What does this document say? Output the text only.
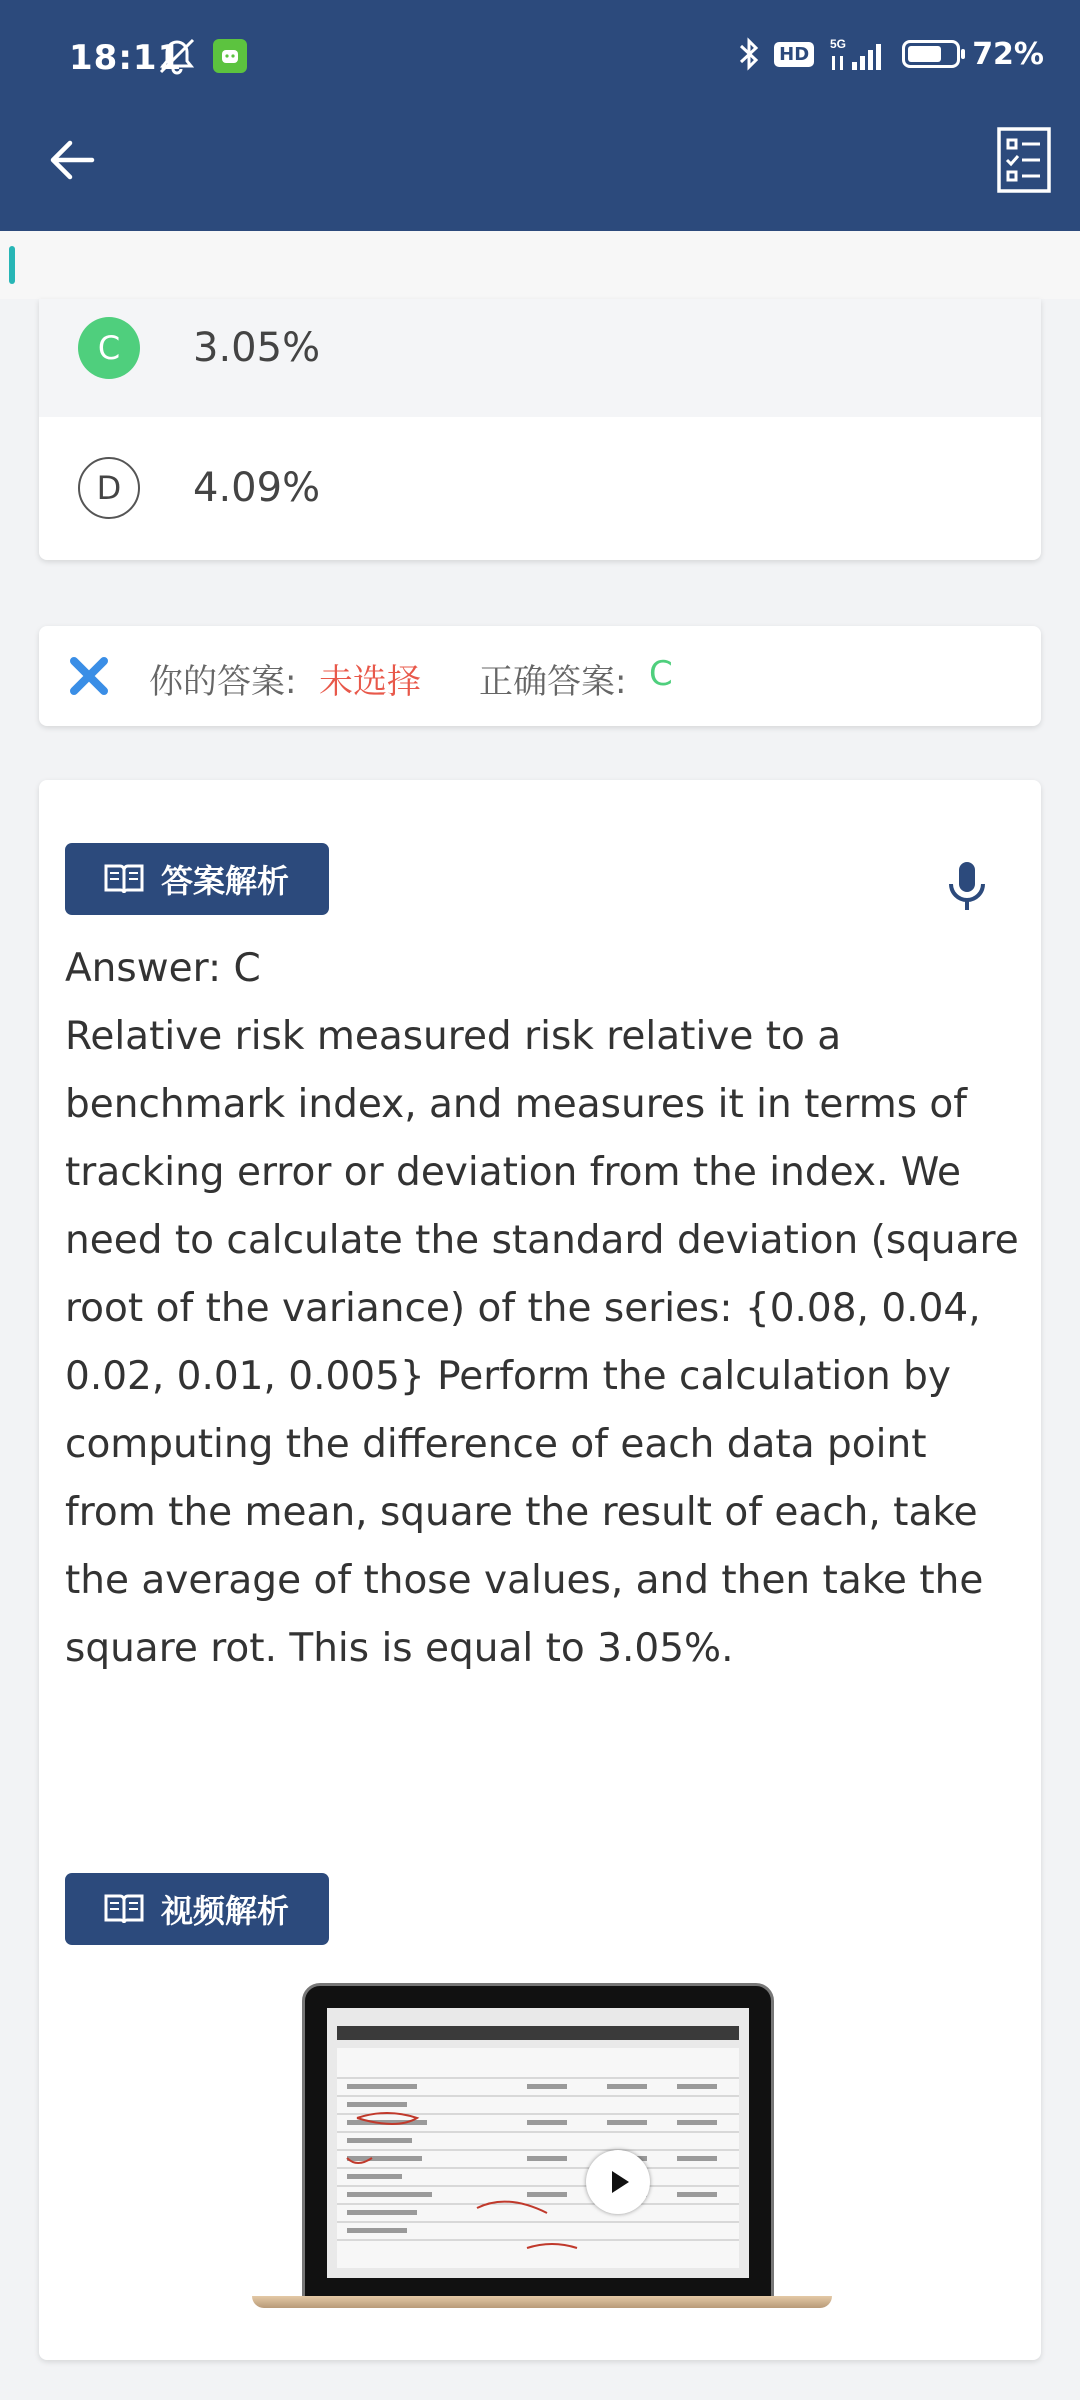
18:11	HD	5G	72%
C	3.05%
D	4.09%
你的答案: 未选择 正确答案: C
答案解析
Answer: C
Relative risk measured risk relative to a benchmark index, and measures it in terms of tracking error or deviation from the index. We need to calculate the standard deviation (square root of the variance) of the series: {0.08, 0.04, 0.02, 0.01, 0.005} Perform the calculation by computing the difference of each data point from the mean, square the result of each, take the average of those values, and then take the square rot. This is equal to 3.05%.
视频解析
